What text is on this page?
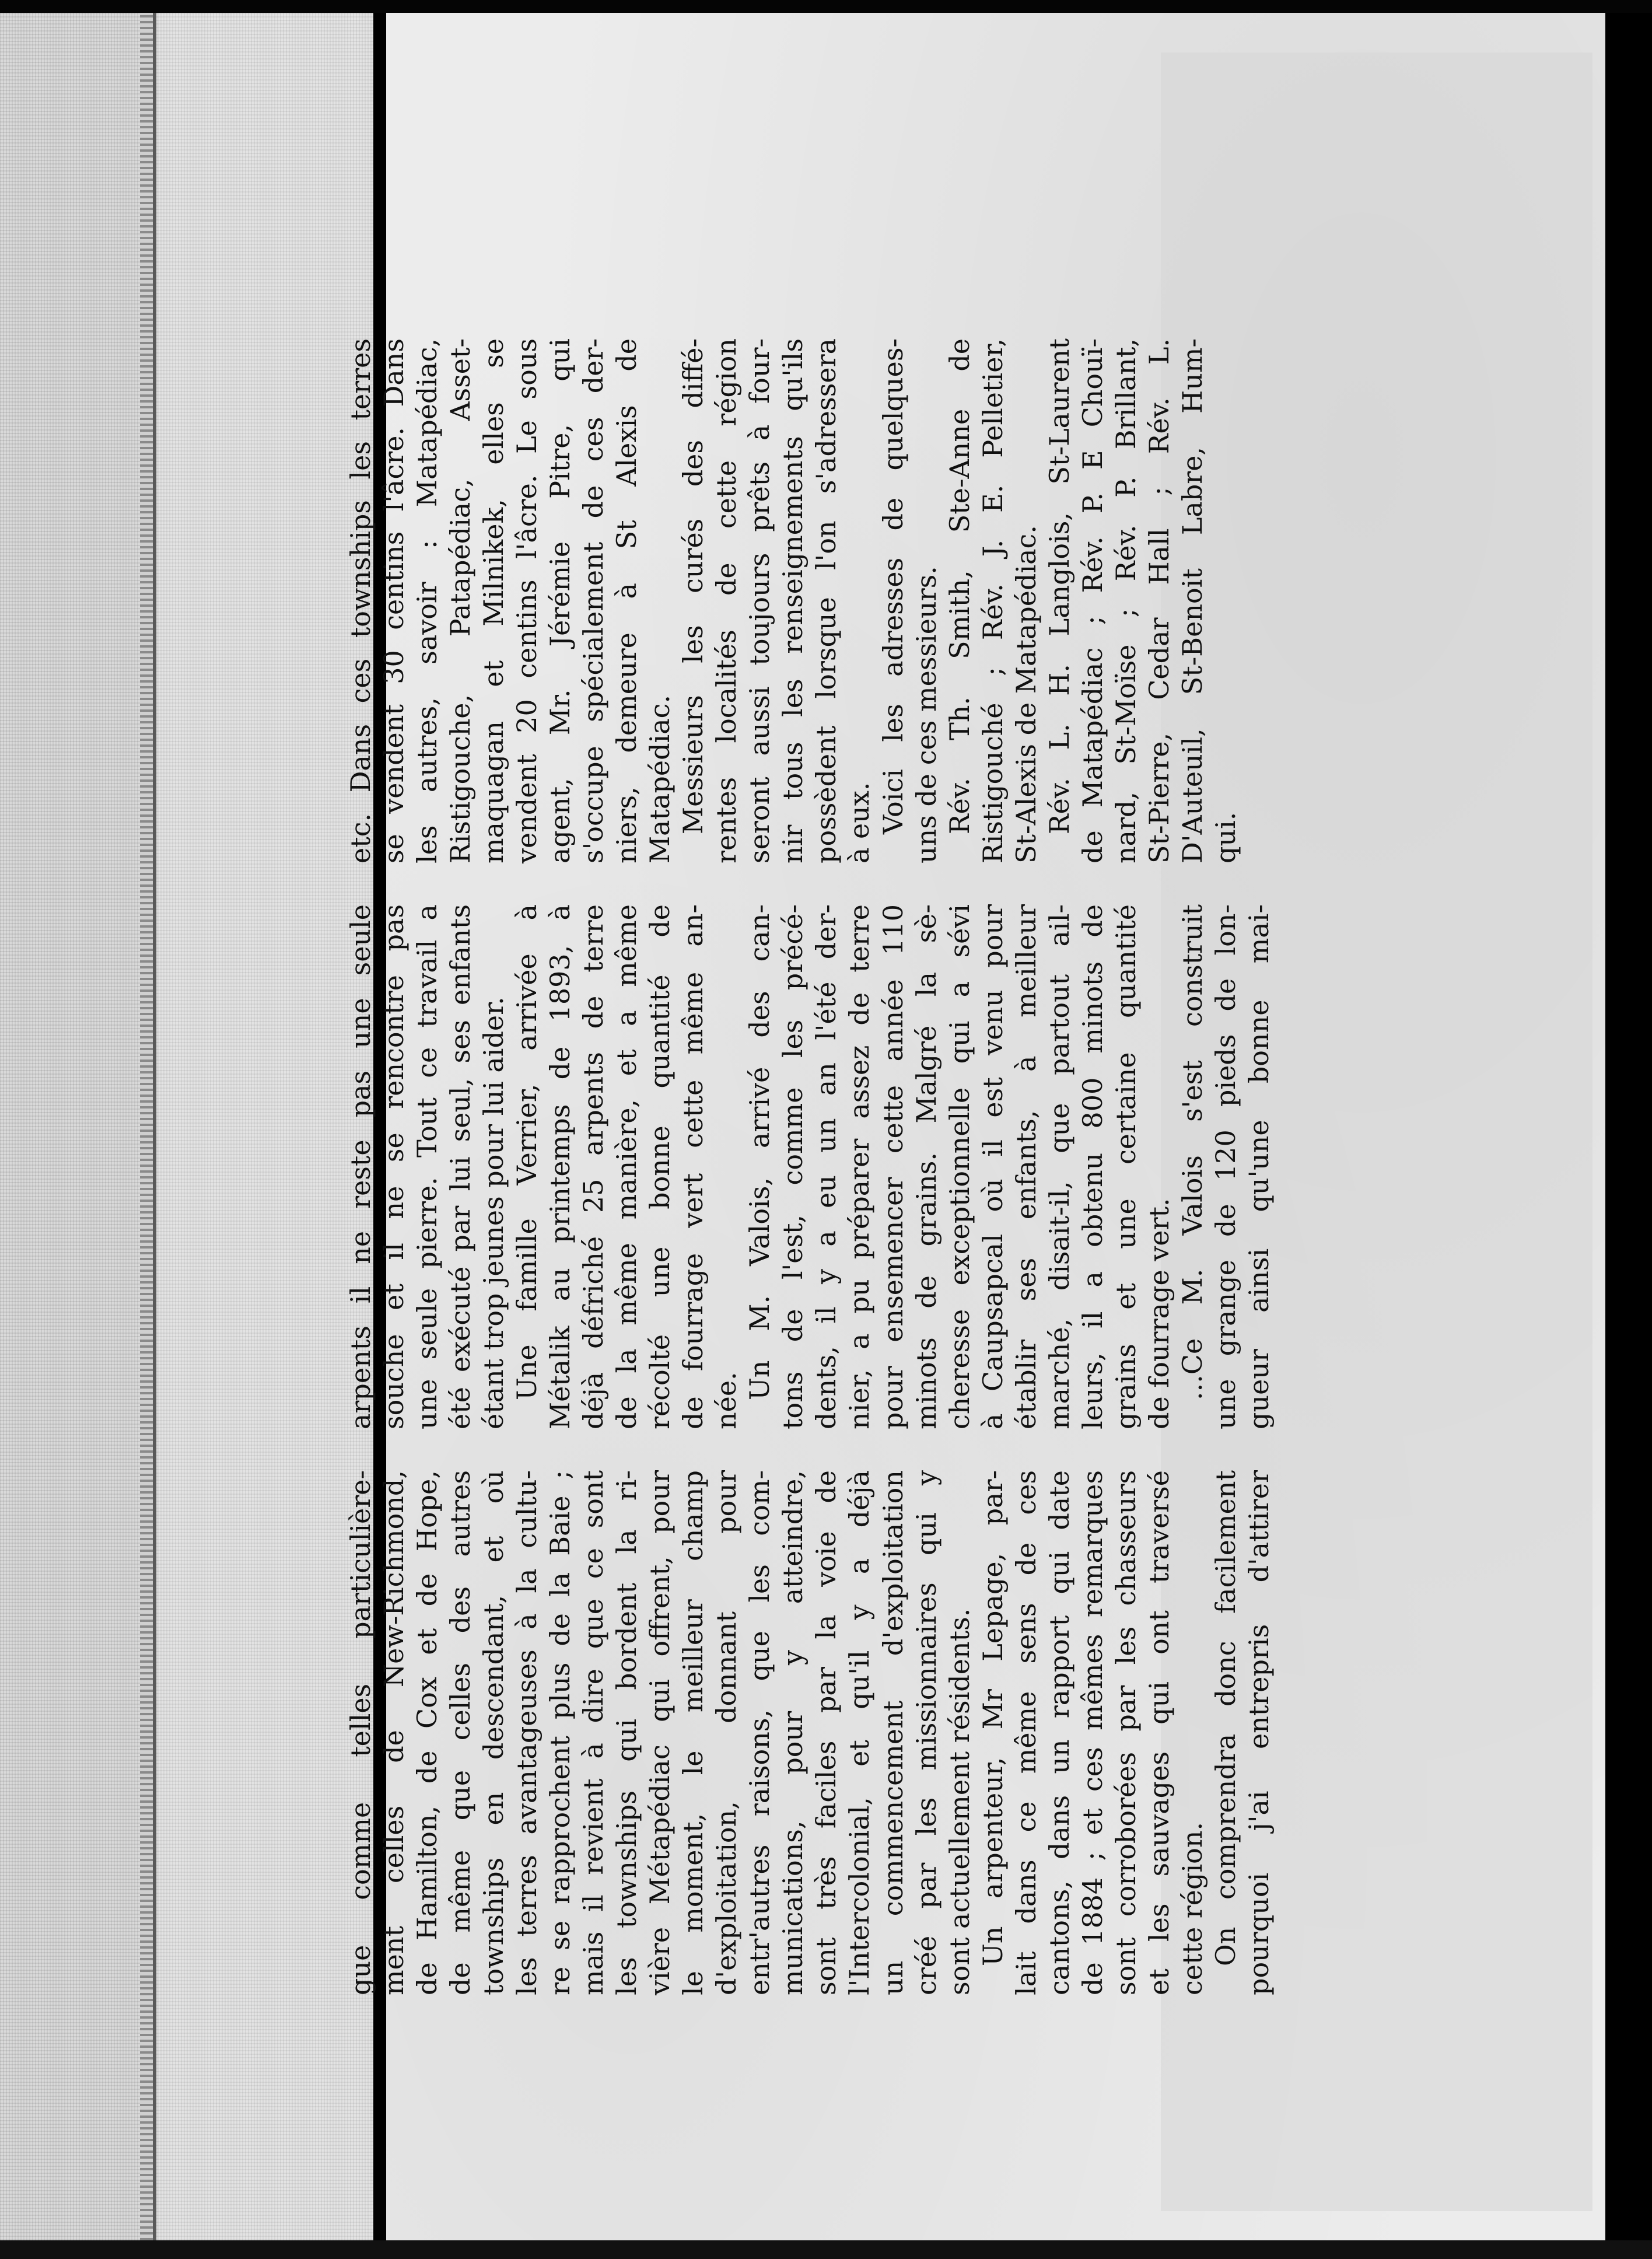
gue comme telles particulière- ment celles de New-Richmond, de Hamilton, de Cox et de Hope, de même que celles des autres townships en descendant, et où les terres avantageuses à la cultu- re se rapprochent plus de la Baie ; mais il revient à dire que ce sont les townships qui bordent la ri- vière Métapédiac qui offrent, pour le moment, le meilleur champ d'exploitation, donnant pour entr'autres raisons, que les com- munications, pour y atteindre, sont très faciles par la voie de l'Intercolonial, et qu'il y a déjà un commencement d'exploitation créé par les missionnaires qui y sont actuellement résidents. Un arpenteur, Mr Lepage, par- lait dans ce même sens de ces cantons, dans un rapport qui date de 1884 ; et ces mêmes remarques sont corroborées par les chasseurs et les sauvages qui ont traversé cette région. On comprendra donc facilement pourquoi j'ai entrepris d'attirer
arpents il ne reste pas une seule souche et il ne se rencontre pas une seule pierre. Tout ce travail a été exécuté par lui seul, ses enfants étant trop jeunes pour lui aider. Une famille Verrier, arrivée à Métalik au printemps de 1893, à déjà défriché 25 arpents de terre de la même manière, et a même récolté une bonne quantité de de fourrage vert cette même an- née.
Un M. Valois, arrivé des can- tons de l'est, comme les précé- dents, il y a eu un an l'été der- nier, a pu préparer assez de terre pour ensemencer cette année 110 minots de grains. Malgré la sè- cheresse exceptionnelle qui a sévi à Caupsapcal où il est venu pour établir ses enfants, à meilleur marché, disait-il, que partout ail- leurs, il a obtenu 800 minots de grains et une certaine quantité de fourrage vert. ...Ce M. Valois s'est construit une grange de 120 pieds de lon- gueur ainsi qu'une bonne mai-
etc. Dans ces townships les terres se vendent 30 centins l'âcre. Dans les autres, savoir : Matapédiac, Ristigouche, Patapédiac, Asset- maquagan et Milnikek, elles se vendent 20 centins l'âcre. Le sous agent, Mr. Jérémie Pitre, qui s'occupe spécialement de ces der- niers, demeure à St Alexis de Matapédiac. Messieurs les curés des diffé- rentes localités de cette région seront aussi toujours prêts à four- nir tous les renseignements qu'ils possèdent lorsque l'on s'adressera à eux. Voici les adresses de quelques- uns de ces messieurs. Rév. Th. Smith, Ste-Anne de Ristigouché ; Rév. J. E. Pelletier, St-Alexis de Matapédiac. Rév. L. H. Langlois, St-Laurent de Matapédiac ; Rév. P. E Chouï- nard, St-Moïse ; Rév. P. Brillant, St-Pierre, Cedar Hall ; Rév. L. D'Auteuil, St-Benoit Labre, Hum- qui.
